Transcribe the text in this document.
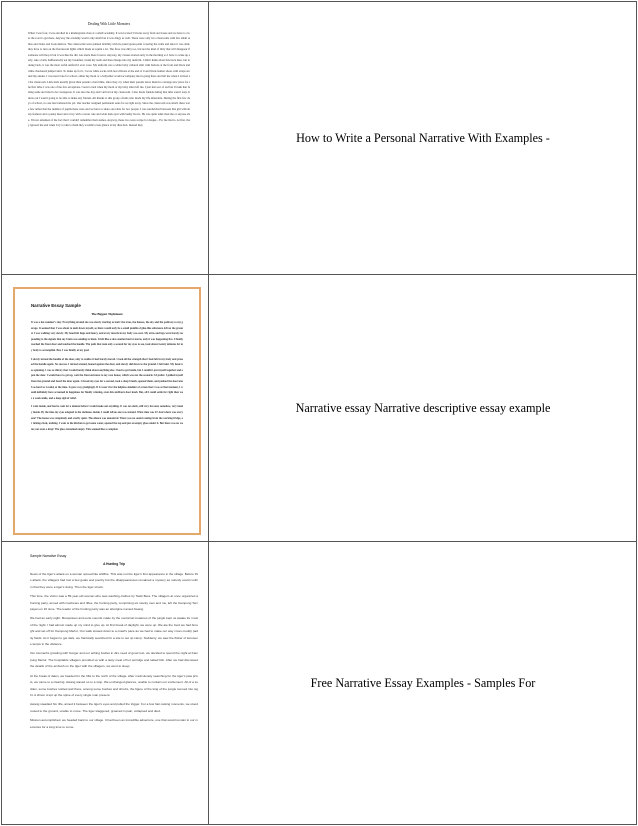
Dealing With Little Monsters
When I was four, I was enrolled in a kindergarten class at a small academy. It was located 5 blocks away from our house and we have to cross the road to get there. Anyway the academy wasn't only small but it was dingy as well. There were only two classrooms with few small tables and chairs and book shelves. The classrooms were painted drabbily with its pastel green paint covering the walls and since it was dark, they have to turn on the fluorescent lights which made us squint a lot. The floor was dirty too, but not the kind of dirty that will disappear if someone will mop it but it was like the dirt was stuck there forever. Anyway, my classes started early in the morning so I have to wake up early, take a bath, halfheartedly eat my breakfast, brush my teeth and then change into my uniform. I didn't think about this back then, but looking back, it was the most awful uniform I ever wore. My uniform was a white baby collared shirt with buttons at the front and black and white checkered jumper skirt. To make up for it, I wore white socks with lace ribbons at the end of it and black leather shoes with straps around my ankles. I was never late for school, either my mom or a babysitter would accompany me in going there and left me when I arrived at the classroom. Little kids usually given their parents a hard time, since they cry when their parents leave them in a strange new place for the first time. I was one of the few exceptions. I never cried when my mom or my baby sitter left me. I just feel sort of sad but I brush that feeling aside and tried to be courageous. It was also the day and I arrived at my classroom. I also made friends during that time wasn't easy. It turns out I wasn't going to be able to make any friends. All thanks to this group of kids who made my life miserable. During the first few days of school, no one has bothered me yet. Our teacher assigned permanent seats for us right away. Since the classroom was small, there were few tables that the number of pupils there were and we have to share one table for two people. I was sandwiched between this girl with sharp features and a pesky meet and a boy with a sweet cute and wide dark eyes with bushy brows. He was quite taller than me or anyone else. I'm not ashamed of the fact that I couldn't remember their names. Anyway, these two were recipe for danger... For me that is. At first, they ignored me and when I try to talk to them they wouldn't even glance at my direction. Instead they
How to Write a Personal Narrative With Examples -
Narrative Essay Sample
The Biggest Nightmare
It was a hot summer's day. Everything around me was slowly starting to melt: the trees, the houses, the sky and the pathway to my garage. It seemed that I was about to melt down myself, so there would only be a small puddle of glue-like substance left on the ground. I was walking very slowly. My head felt huge and heavy, and every muscle in my body was sore. My arms and legs were barely responding to the signals that my brain was sending to them. It felt like a slow-motion horror movie, only it was happening live. I finally reached the front door and touched the handle. The path that took only a second for my eyes to see, took about twenty minutes for my body to accomplish. But, I was finally at my goal.
I slowly turned the handle of the door, only to realize it had barely moved. I took all the strength that I had left in my body and pressed the handle again. No success. I turned around, leaned against the door, and slowly slid down to the ground. I felt faint. My head was spinning. I was so thirsty that I could barely think about anything else. I had to get inside, but I couldn't put myself together and open the door. I would have to get up, wait the front entrance to my own house, which was not the scenario I'd prefer. I pulled myself from the ground and faced the door again. I closed my eyes for a second, took a deep breath, opened them, and pushed the door knob as hard as I could, at the time. It gave way grudgingly. If it wasn't for the helpless shudder of a man that I was at that moment, I would definitely have screamed in happiness for finally winning, even this stubborn door knob. But, all I could settle for right then was a weak smile, and a deep sigh of relief.
I went inside, and had to wait for a minute before I could make out anything. It was too dark, still very hot and, somehow, very lonely inside. By the time my eyes adapted to the darkness inside, I could tell no one was around. What time was it? And where was everyone? The house was completely and scarily quiet. The silence was unnatural. There was no sound coming from the working fridge, or ticking clock, nothing. I went to the kitchen to get some water, opened the tap and put an empty glass under it. But there was no water, not even a drop! The glass remained empty. This seemed like a complete
Narrative essay Narrative descriptive essay example
Sample Narrative Essay
A Hunting Trip
News of the tiger's attack on a woman spread like wildfire. This was not the tiger's first appearance in the village. Before this attack, the villagers had lost a few goats and poultry but the disappearances remained a mystery as nobody could confirm that they were a tiger's doing. Then the tiger struck.
This time, the victim was a 55-year-old woman who was washing clothes by Tasik Bera. The villagers at once organized a hunting party, armed with machetes and rifles, the hunting party, comprising six stocky men and me, left the Kampung Tempayan on 10 June. The leader of the hunting party was an aborigine named Awang.
We had an early night. Mosquitoes and eerie sounds made by the nocturnal creatures of the jungle kept us awake for most of the night. I had almost made up my mind to give up. At first break of daylight, we were up. We ate the food we had brought and set off for Kampung Merlur. Our walk slowed down to a crawl's pace as we had to make our way cross muddy paddy fields. As it began to get dark, we frantically searched for a site to set up camp. Suddenly, we saw the flicker of kerosene lamps in the distance.
Our stomachs growling with hunger and our aching bodies in dire need of good rest, we decided to spend the night at Kampung Merlur. The hospitable villagers provided us with a tasty meal of hot porridge and salted fish. After we had discussed the details of the ambush on the tiger with the villagers, we went to sleep.
At the break of dawn, we headed for the hills to the north of the village. After meticulously searching for the tiger's paw prints, we came to a clearing. Awang waved us to a stop. We exchanged glances, unable to contain our excitement. All of a sudden, some bushes rustled and there, among some bushes and shrubs, the figure of the king of the jungle loomed into sight. A shiver crept up the spine of every single man present.
Awang steadied his rifle, aimed it between the tiger's eyes and pulled the trigger. For a few hair-raising moments, we stood rooted to the ground, unable to move. The tiger staggered, groaned in pain, collapsed and died.
Mission accomplished, we headed back to our village. It had been an incredible adventure, one that would remain in our memories for a long time to come.
Free Narrative Essay Examples - Samples For
